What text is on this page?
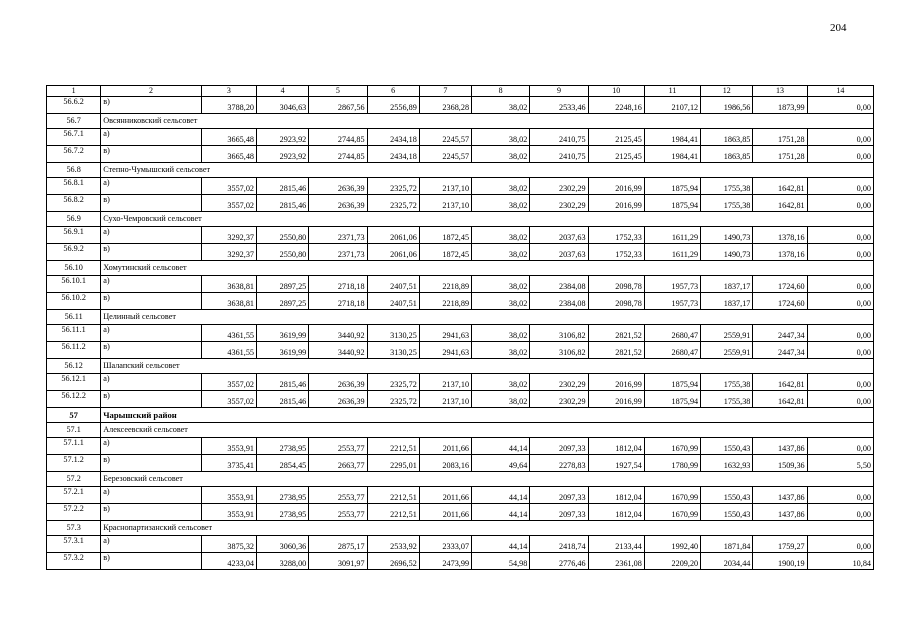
204
1	2	3	4	5	6	7	8	9	10	11	12	13	14
56.6.2	в)	3788,20	3046,63	2867,56	2556,89	2368,28	38,02	2533,46	2248,16	2107,12	1986,56	1873,99	0,00
56.7	Овсянниковский сельсовет												
56.7.1	а)	3665,48	2923,92	2744,85	2434,18	2245,57	38,02	2410,75	2125,45	1984,41	1863,85	1751,28	0,00
56.7.2	в)	3665,48	2923,92	2744,85	2434,18	2245,57	38,02	2410,75	2125,45	1984,41	1863,85	1751,28	0,00
56.8	Степно-Чумышский сельсовет												
56.8.1	а)	3557,02	2815,46	2636,39	2325,72	2137,10	38,02	2302,29	2016,99	1875,94	1755,38	1642,81	0,00
56.8.2	в)	3557,02	2815,46	2636,39	2325,72	2137,10	38,02	2302,29	2016,99	1875,94	1755,38	1642,81	0,00
56.9	Сухо-Чемровский сельсовет												
56.9.1	а)	3292,37	2550,80	2371,73	2061,06	1872,45	38,02	2037,63	1752,33	1611,29	1490,73	1378,16	0,00
56.9.2	в)	3292,37	2550,80	2371,73	2061,06	1872,45	38,02	2037,63	1752,33	1611,29	1490,73	1378,16	0,00
56.10	Хомутинский сельсовет												
56.10.1	а)	3638,81	2897,25	2718,18	2407,51	2218,89	38,02	2384,08	2098,78	1957,73	1837,17	1724,60	0,00
56.10.2	в)	3638,81	2897,25	2718,18	2407,51	2218,89	38,02	2384,08	2098,78	1957,73	1837,17	1724,60	0,00
56.11	Целинный сельсовет												
56.11.1	а)	4361,55	3619,99	3440,92	3130,25	2941,63	38,02	3106,82	2821,52	2680,47	2559,91	2447,34	0,00
56.11.2	в)	4361,55	3619,99	3440,92	3130,25	2941,63	38,02	3106,82	2821,52	2680,47	2559,91	2447,34	0,00
56.12	Шалапский сельсовет												
56.12.1	а)	3557,02	2815,46	2636,39	2325,72	2137,10	38,02	2302,29	2016,99	1875,94	1755,38	1642,81	0,00
56.12.2	в)	3557,02	2815,46	2636,39	2325,72	2137,10	38,02	2302,29	2016,99	1875,94	1755,38	1642,81	0,00
57	Чарышский район												
57.1	Алексеевский сельсовет												
57.1.1	а)	3553,91	2738,95	2553,77	2212,51	2011,66	44,14	2097,33	1812,04	1670,99	1550,43	1437,86	0,00
57.1.2	в)	3735,41	2854,45	2663,77	2295,01	2083,16	49,64	2278,83	1927,54	1780,99	1632,93	1509,36	5,50
57.2	Березовский сельсовет												
57.2.1	а)	3553,91	2738,95	2553,77	2212,51	2011,66	44,14	2097,33	1812,04	1670,99	1550,43	1437,86	0,00
57.2.2	в)	3553,91	2738,95	2553,77	2212,51	2011,66	44,14	2097,33	1812,04	1670,99	1550,43	1437,86	0,00
57.3	Краснопартизанский сельсовет												
57.3.1	а)	3875,32	3060,36	2875,17	2533,92	2333,07	44,14	2418,74	2133,44	1992,40	1871,84	1759,27	0,00
57.3.2	в)	4233,04	3288,00	3091,97	2696,52	2473,99	54,98	2776,46	2361,08	2209,20	2034,44	1900,19	10,84
